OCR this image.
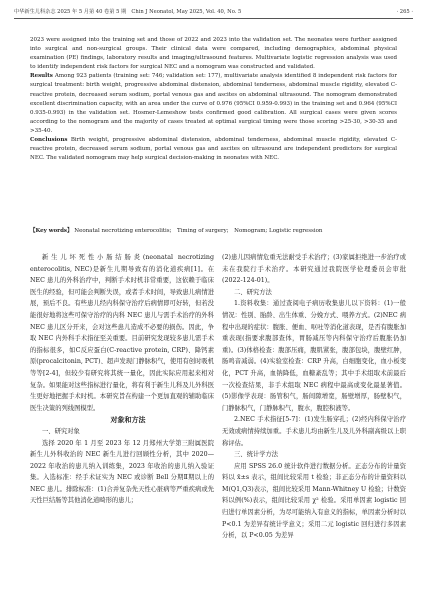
中华新生儿科杂志 2025 年 5 月第 40 卷第 5 期　Chin J Neonatol, May 2025, Vol. 40, No. 5	· 265 ·

2023 were assigned into the training set and those of 2022 and 2023 into the validation set. The neonates were further assigned into surgical and non-surgical groups. Their clinical data were compared, including demographics, abdominal physical examination (PE) findings, laboratory results and imaging/ultrasound features. Multivariate logistic regression analysis was used to identify independent risk factors for surgical NEC and a nomogram was constructed and validated.

Results Among 923 patients (training set: 746; validation set: 177), multivariate analysis identified 8 independent risk factors for surgical treatment: birth weight, progressive abdominal distension, abdominal tenderness, abdominal muscle rigidity, elevated C-reactive protein, decreased serum sodium, portal venous gas and ascites on abdominal ultrasound. The nomogram demonstrated excellent discrimination capacity, with an area under the curve of 0.976 (95%CI 0.959-0.993) in the training set and 0.964 (95%CI 0.935-0.993) in the validation set. Hosmer-Lemeshow tests confirmed good calibration. All surgical cases were given scores according to the nomogram and the majority of cases treated at optimal surgical timing were those scoring >25-30, >30-35 and >35-40.

Conclusions Birth weight, progressive abdominal distension, abdominal tenderness, abdominal muscle rigidity, elevated C-reactive protein, decreased serum sodium, portal venous gas and ascites on ultrasound are independent predictors for surgical NEC. The validated nomogram may help surgical decision-making in neonates with NEC.

【Key words】 Neonatal necrotizing enterocolitis;　Timing of surgery;　Nomogram; Logistic regression

新生儿坏死性小肠结肠炎(neonatal necrotizing enterocolitis, NEC)是新生儿期导致有的消化道疾病[1]。在 NEC 患儿的外科治疗中，判断手术时机非常重要，这依赖于临床医生的经验，但可能会判断失误，或者手术时间，导致患儿病情进展，预后不良。有些患儿经内科保守治疗后病情即可好转，但若没能很好地将这些可保守治疗的内科 NEC 患儿与需手术治疗的外科 NEC 患儿区分开来，会对这些患儿造成不必要的损伤。因此，争取 NEC 内外科手术指征至关重要。目前研究发现较多患儿需手术的指标很多，如C反应蛋白(C-reactive protein, CRP)、降钙素原(procalcitonin, PCT)、超声发现门静脉积气，使用有创时吸机等等[2-4]，但较少有研究将其统一量化，因此实际应用起来相对复杂。如果能对这些指标进行量化，将有利于新生儿科及儿外科医生更好地把握手术时机。本研究旨在构建一个更加直观的辅助临床医生决策的列线图模型。

对象和方法

一、研究对象

选择 2020 年 1 月至 2023 年 12 月郑州大学第三附属医院新生儿外科收治的 NEC 新生儿进行回顾性分析，其中 2020—2022 年收治的患儿纳入训练集，2023 年收治的患儿纳入验证集。入选标准：经手术证实为 NEC 或诊断 Bell 分期Ⅱ期以上的 NEC 患儿。排除标准：(1)合并复杂先天性心脏病等严重疾病或先天性巨结肠等其他消化道畸形的患儿；

(2)患儿因病情危重无法耐受手术治疗；(3)家属拒绝进一步治疗或未在我院行手术治疗。本研究通过我院医学伦理委员会审批(2022-124-01)。

二、研究方法

1.资料收集：通过查阅电子病历收集患儿以下资料：(1)一般情况：性别、胎龄、出生体重、分娩方式、喂养方式。(2)NEC 病程中出现的症状：腹胀、便血、呕吐等消化道表现，是否有腹胀加重表现(指要求腹部查体，胃肠减压等内科保守治疗后腹胀仍加重)。(3)体格检查：腹部压痛，腹肌紧张，腹部包块，腹壁红肿，肠鸣音减弱。(4)实验室检查：CRP 升高，白细胞变化，血小板变化，PCT 升高，血钠降低，血糖紊乱等；其中手术组取术前最后一次检查结果，非手术组取 NEC 病程中最高或变化最显著值。(5)影像学表现：肠管积气，肠间隙增宽，肠壁增厚，肠壁积气，门静脉积气，门静脉积气，腹水，腹腔积液等。

2.NEC 手术指征[5-7]：(1)发生肠穿孔；(2)经内科保守治疗无效或病情持续加重。手术患儿均由新生儿及儿外科副高级以上职称评估。

三、统计学方法

应用 SPSS 26.0 统计软件进行数据分析。正态分布的计量资料以 x̄±s 表示，组间比较采用 t 检验；非正态分布的计量资料以 M(Q1,Q3)表示，组间比较采用 Mann-Whitney U 检验；计数资料以例(%)表示，组间比较采用 χ² 检验。采用单因素 logistic 回归进行单因素分析，为尽可能纳入有意义的指标，单因素分析时以 P<0.1 为差异有统计学意义；采用二元 logistic 回归进行多因素分析，以 P<0.05 为差异
